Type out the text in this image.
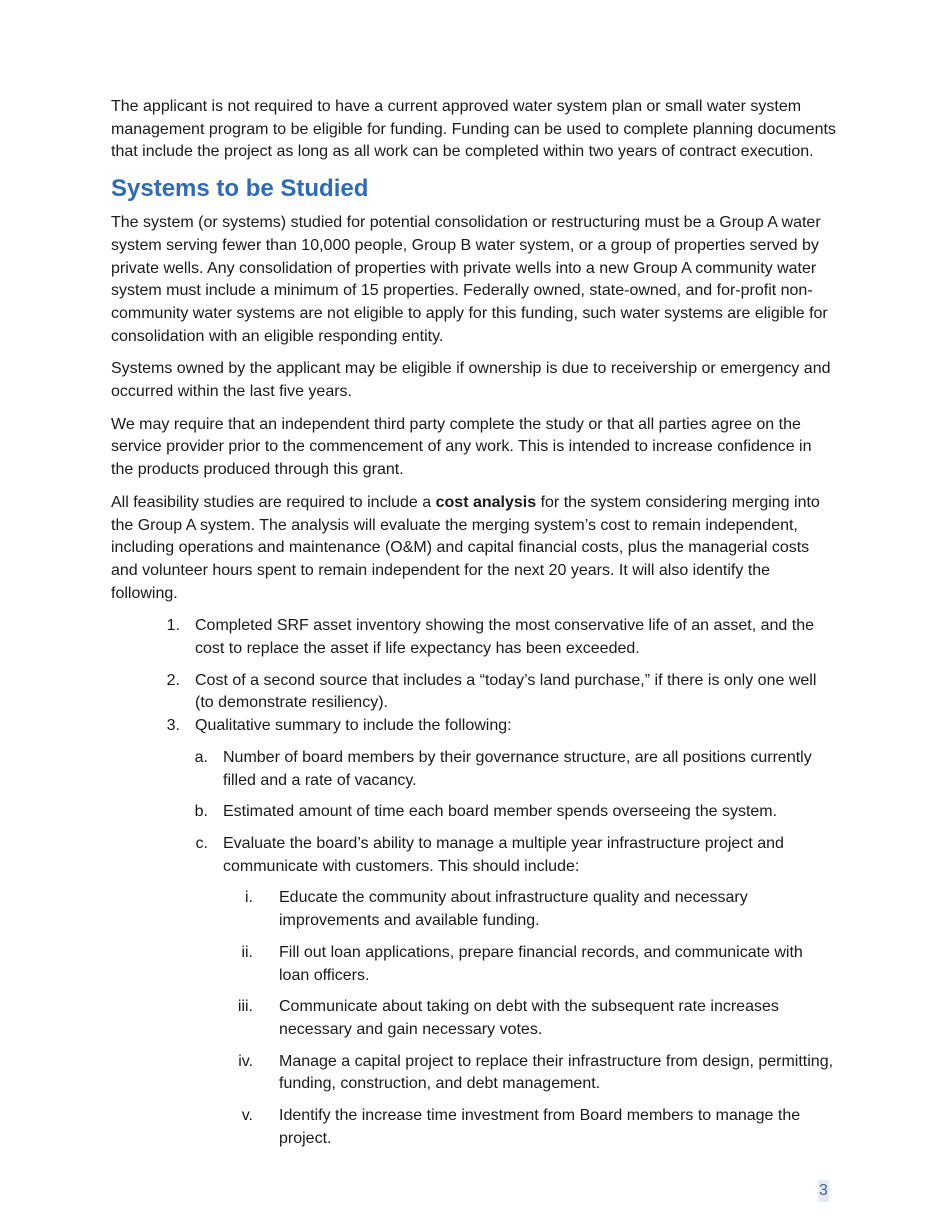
The applicant is not required to have a current approved water system plan or small water system management program to be eligible for funding. Funding can be used to complete planning documents that include the project as long as all work can be completed within two years of contract execution.

Systems to be Studied

The system (or systems) studied for potential consolidation or restructuring must be a Group A water system serving fewer than 10,000 people, Group B water system, or a group of properties served by private wells. Any consolidation of properties with private wells into a new Group A community water system must include a minimum of 15 properties. Federally owned, state-owned, and for-profit non-community water systems are not eligible to apply for this funding, such water systems are eligible for consolidation with an eligible responding entity.

Systems owned by the applicant may be eligible if ownership is due to receivership or emergency and occurred within the last five years.

We may require that an independent third party complete the study or that all parties agree on the service provider prior to the commencement of any work. This is intended to increase confidence in the products produced through this grant.

All feasibility studies are required to include a cost analysis for the system considering merging into the Group A system. The analysis will evaluate the merging system’s cost to remain independent, including operations and maintenance (O&M) and capital financial costs, plus the managerial costs and volunteer hours spent to remain independent for the next 20 years. It will also identify the following.

1. Completed SRF asset inventory showing the most conservative life of an asset, and the cost to replace the asset if life expectancy has been exceeded.
2. Cost of a second source that includes a “today’s land purchase,” if there is only one well (to demonstrate resiliency).
3. Qualitative summary to include the following:
a. Number of board members by their governance structure, are all positions currently filled and a rate of vacancy.
b. Estimated amount of time each board member spends overseeing the system.
c. Evaluate the board’s ability to manage a multiple year infrastructure project and communicate with customers. This should include:
i. Educate the community about infrastructure quality and necessary improvements and available funding.
ii. Fill out loan applications, prepare financial records, and communicate with loan officers.
iii. Communicate about taking on debt with the subsequent rate increases necessary and gain necessary votes.
iv. Manage a capital project to replace their infrastructure from design, permitting, funding, construction, and debt management.
v. Identify the increase time investment from Board members to manage the project.
3
